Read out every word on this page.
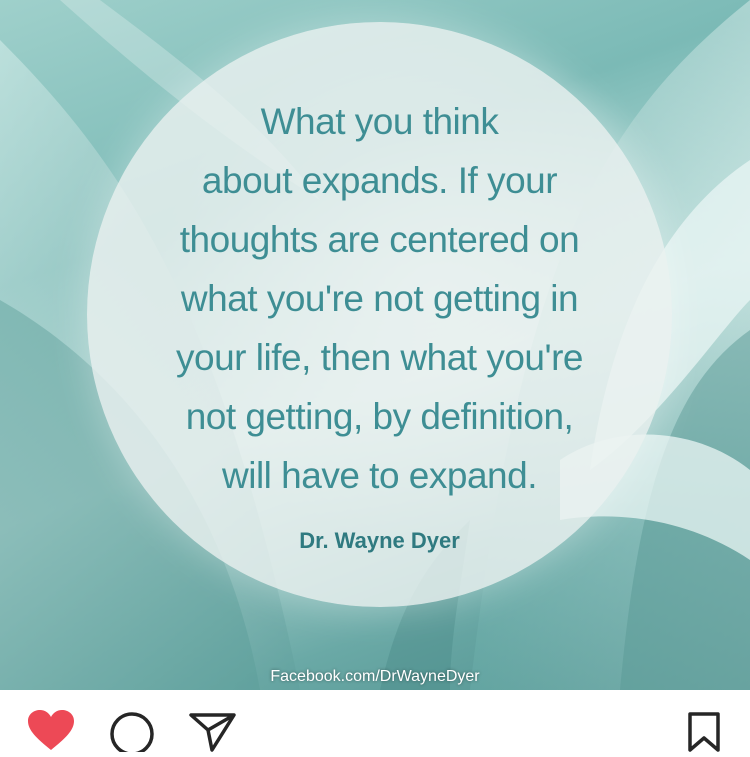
What you think
about expands. If your
thoughts are centered on
what you're not getting in
your life, then what you're
not getting, by definition,
will have to expand.
Dr. Wayne Dyer
Facebook.com/DrWayneDyer
